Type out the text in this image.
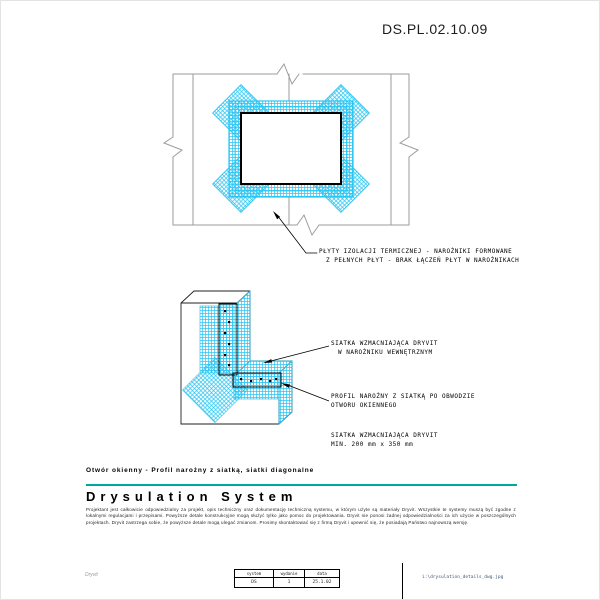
DS.PL.02.10.09
PŁYTY IZOLACJI TERMICZNEJ - NAROŻNIKI FORMOWANE
Z PEŁNYCH PŁYT - BRAK ŁĄCZEŃ PŁYT W NAROŻNIKACH
SIATKA WZMACNIAJĄCA DRYVIT
W NAROŻNIKU WEWNĘTRZNYM
PROFIL NAROŻNY Z SIATKĄ PO OBWODZIE
OTWORU OKIENNEGO
SIATKA WZMACNIAJĄCA DRYVIT
MIN. 200 mm x 350 mm
Otwór okienny - Profil narożny z siatką, siatki diagonalne
Drysulation System
Projektant jest całkowicie odpowiedzialny za projekt, opis techniczny oraz dokumentację techniczną systemu, w którym użyte są materiały Dryvit. Wszystkie te systemy muszą być zgodne z lokalnymi regulacjami i przepisami. Powyższe detale konstrukcyjne mogą służyć tylko jako pomoc do projektowania. Dryvit nie ponosi żadnej odpowiedzialności za ich użycie w poszczególnych projektach. Dryvit zastrzega sobie, że powyższe detale mogą ulegać zmianom. Prosimy skontaktować się z firmą Dryvit i upewnić się, że posiadają Państwo najnowszą wersję.
Dryvit	system	wydanie	data
DS	1	25.1.02
i:\drysulation_details_dwg.jpg
